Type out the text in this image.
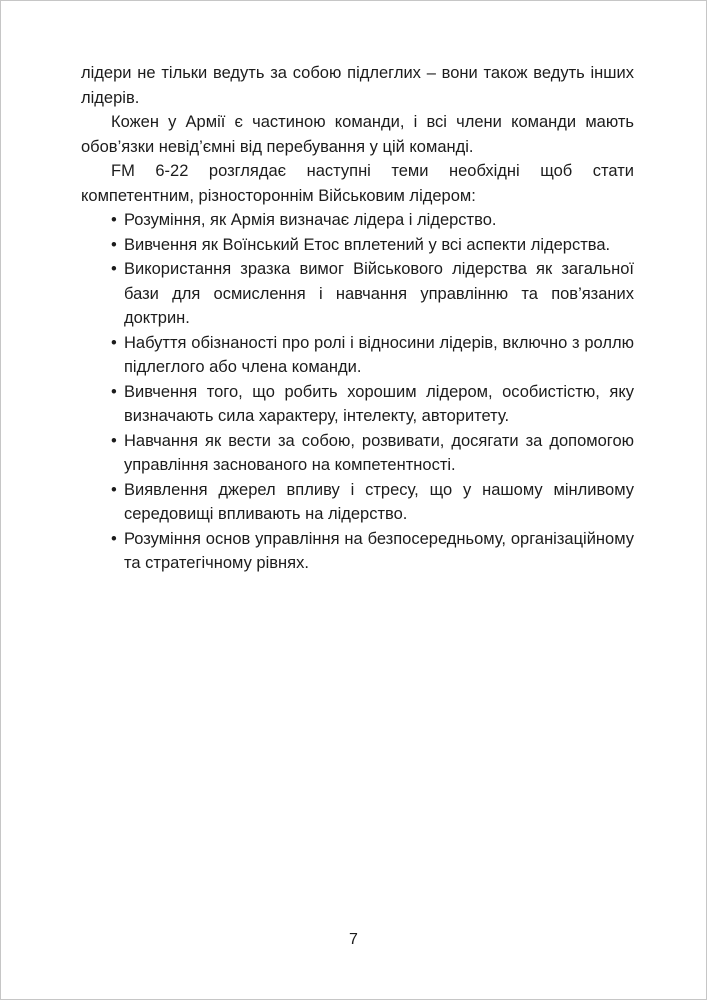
лідери не тільки ведуть за собою підлеглих – вони також ведуть інших лідерів.

Кожен у Армії є частиною команди, і всі члени команди мають обов’язки невід’ємні від перебування у цій команді.

FM 6-22 розглядає наступні теми необхідні щоб стати компетентним, різностороннім Військовим лідером:

• Розуміння, як Армія визначає лідера і лідерство.
• Вивчення як Воїнський Етос вплетений у всі аспекти лідерства.
• Використання зразка вимог Військового лідерства як загальної бази для осмислення і навчання управлінню та пов’язаних доктрин.
• Набуття обізнаності про ролі і відносини лідерів, включно з роллю підлеглого або члена команди.
• Вивчення того, що робить хорошим лідером, особистістю, яку визначають сила характеру, інтелекту, авторитету.
• Навчання як вести за собою, розвивати, досягати за допомогою управління заснованого на компетентності.
• Виявлення джерел впливу і стресу, що у нашому мінливому середовищі впливають на лідерство.
• Розуміння основ управління на безпосередньому, організаційному та стратегічному рівнях.
7
